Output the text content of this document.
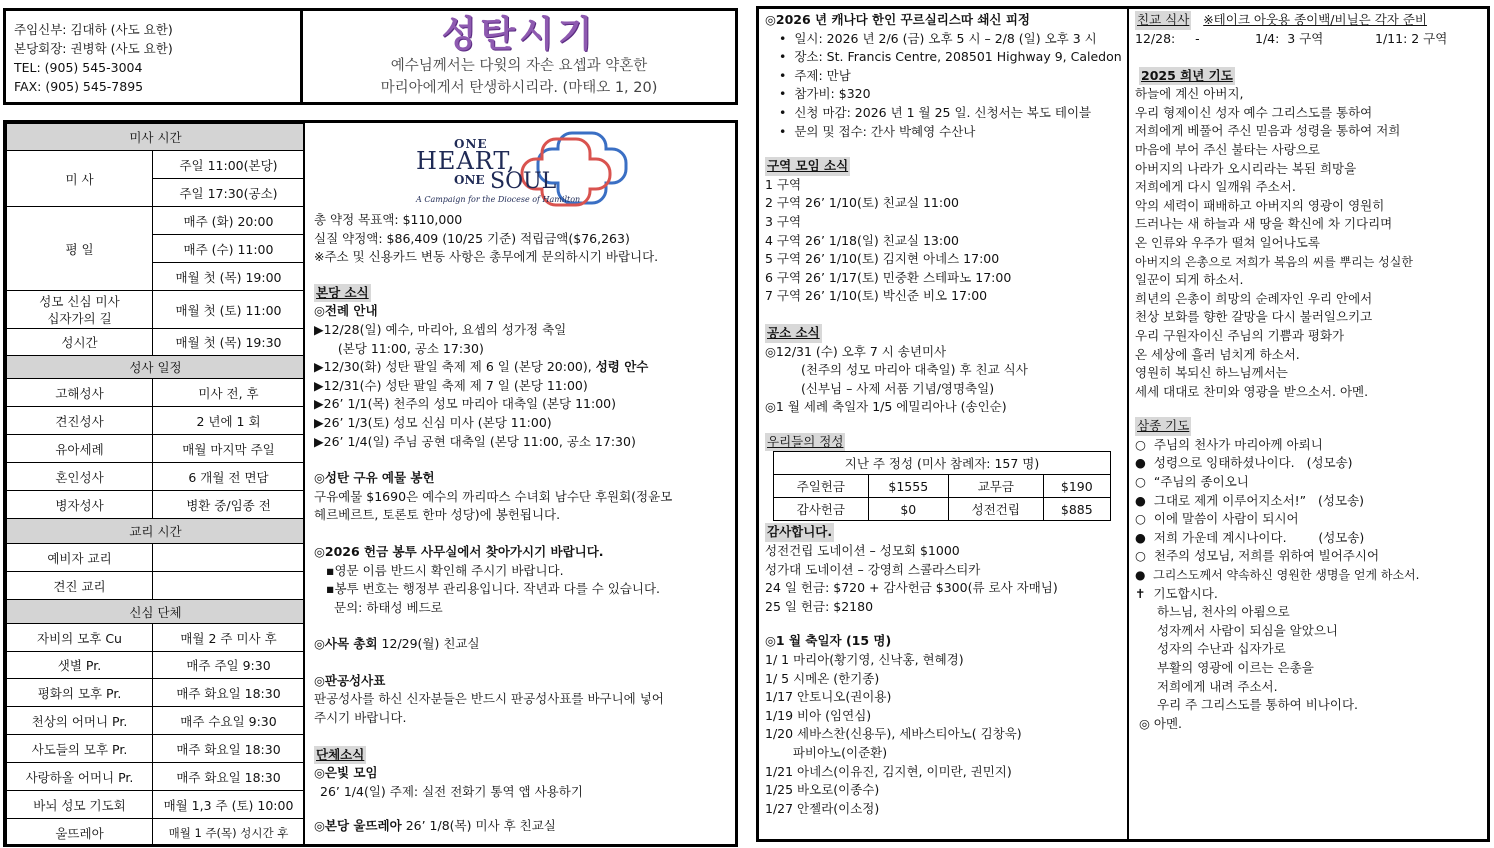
주임신부: 김대하 (사도 요한)
본당회장: 권병학 (사도 요한)
TEL: (905) 545-3004
FAX: (905) 545-7895
성탄시기
예수님께서는 다윗의 자손 요셉과 약혼한
마리아에게서 탄생하시리라. (마태오 1, 20)
미사 시간	
미 사	주일 11:00(본당)
	주일 17:30(공소)
평 일	매주 (화) 20:00
	매주 (수) 11:00
	매월 첫 (목) 19:00
성모 신심 미사
십자가의 길	매월 첫 (토) 11:00
성시간	매월 첫 (목) 19:30
성사 일정	
고해성사	미사 전, 후
견진성사	2 년에 1 회
유아세례	매월 마지막 주일
혼인성사	6 개월 전 면담
병자성사	병환 중/임종 전
교리 시간	
예비자 교리	
견진 교리	
신심 단체	
자비의 모후 Cu	매월 2 주 미사 후
샛별 Pr.	매주 주일 9:30
평화의 모후 Pr.	매주 화요일 18:30
천상의 어머니 Pr.	매주 수요일 9:30
사도들의 모후 Pr.	매주 화요일 18:30
사랑하올 어머니 Pr.	매주 화요일 18:30
바뇌 성모 기도회	매월 1,3 주 (토) 10:00
울뜨레아	매월 1 주(목) 성시간 후
ONE
HEART,
ONE SOUL
A Campaign for the Diocese of Hamilton
총 약정 목표액: $110,000
실질 약정액: $86,409 (10/25 기준) 적립금액($76,263)
※주소 및 신용카드 변동 사항은 총무에게 문의하시기 바랍니다.
본당 소식
◎전례 안내
▶12/28(일) 예수, 마리아, 요셉의 성가정 축일
(본당 11:00, 공소 17:30)
▶12/30(화) 성탄 팔일 축제 제 6 일 (본당 20:00), 성령 안수
▶12/31(수) 성탄 팔일 축제 제 7 일 (본당 11:00)
▶26’ 1/1(목) 천주의 성모 마리아 대축일 (본당 11:00)
▶26’ 1/3(토) 성모 신심 미사 (본당 11:00)
▶26’ 1/4(일) 주님 공현 대축일 (본당 11:00, 공소 17:30)
◎성탄 구유 예물 봉헌
구유예물 $1690은 예수의 까리따스 수녀회 남수단 후원회(정윤모
헤르베르트, 토론토 한마 성당)에 봉헌됩니다.
◎2026 헌금 봉투 사무실에서 찾아가시기 바랍니다.
▪영문 이름 반드시 확인해 주시기 바랍니다.
▪봉투 번호는 행정부 관리용입니다. 작년과 다를 수 있습니다.
문의: 하태성 베드로
◎사목 총회 12/29(월) 친교실
◎판공성사표
판공성사를 하신 신자분들은 반드시 판공성사표를 바구니에 넣어
주시기 바랍니다.
단체소식
◎은빛 모임
26’ 1/4(일) 주제: 실전 전화기 통역 앱 사용하기
◎본당 울뜨레아 26’ 1/8(목) 미사 후 친교실
◎2026 년 캐나다 한인 꾸르실리스따 쇄신 피정
•  일시: 2026 년 2/6 (금) 오후 5 시 – 2/8 (일) 오후 3 시
•  장소: St. Francis Centre, 208501 Highway 9, Caledon
•  주제: 만남
•  참가비: $320
•  신청 마감: 2026 년 1 월 25 일. 신청서는 복도 테이블
•  문의 및 접수: 간사 박혜영 수산나
구역 모임 소식
1 구역
2 구역 26’ 1/10(토) 친교실 11:00
3 구역
4 구역 26’ 1/18(일) 친교실 13:00
5 구역 26’ 1/10(토) 김지현 아네스 17:00
6 구역 26’ 1/17(토) 민중환 스테파노 17:00
7 구역 26’ 1/10(토) 박신준 비오 17:00
공소 소식
◎12/31 (수) 오후 7 시 송년미사
(천주의 성모 마리아 대축일) 후 친교 식사
(신부님 – 사제 서품 기념/영명축일)
◎1 월 세례 축일자 1/5 에밀리아나 (송인순)
우리들의 정성
지난 주 정성 (미사 참례자: 157 명)			
주일헌금	$1555	교무금	$190
감사헌금	$0	성전건립	$885
감사합니다.
성전건립 도네이션 – 성모회 $1000
성가대 도네이션 – 강영희 스콜라스티카
24 일 헌금: $720 + 감사헌금 $300(류 로사 자매님)
25 일 헌금: $2180
◎1 월 축일자 (15 명)
1/ 1 마리아(황기영, 신낙홍, 현혜경)
1/ 5 시메온 (한기종)
1/17 안토니오(권이용)
1/19 비아 (임연심)
1/20 세바스찬(신용두), 세바스티아노( 김창욱)
파비아노(이준환)
1/21 아네스(이유진, 김지현, 이미란, 권민지)
1/25 바오로(이종수)
1/27 안젤라(이소정)
친교 식사 ※테이크 아웃용 종이백/비닐은 각자 준비
12/28:     -	1/4:  3 구역	1/11: 2 구역
2025 희년 기도
하늘에 계신 아버지,
우리 형제이신 성자 예수 그리스도를 통하여
저희에게 베풀어 주신 믿음과 성령을 통하여 저희
마음에 부어 주신 불타는 사랑으로
아버지의 나라가 오시리라는 복된 희망을
저희에게 다시 일깨워 주소서.
악의 세력이 패배하고 아버지의 영광이 영원히
드러나는 새 하늘과 새 땅을 확신에 차 기다리며
온 인류와 우주가 떨쳐 일어나도록
아버지의 은총으로 저희가 복음의 씨를 뿌리는 성실한
일꾼이 되게 하소서.
희년의 은총이 희망의 순례자인 우리 안에서
천상 보화를 향한 갈망을 다시 불러일으키고
우리 구원자이신 주님의 기쁨과 평화가
온 세상에 흘러 넘치게 하소서.
영원히 복되신 하느님께서는
세세 대대로 찬미와 영광을 받으소서. 아멘.
삼종 기도
○ 주님의 천사가 마리아께 아뢰니
● 성령으로 잉태하셨나이다.   (성모송)
○ “주님의 종이오니
● 그대로 제게 이루어지소서!”   (성모송)
○ 이에 말씀이 사람이 되시어
● 저희 가운데 계시나이다.        (성모송)
○ 천주의 성모님, 저희를 위하여 빌어주시어
● 그리스도께서 약속하신 영원한 생명을 얻게 하소서.
✝ 기도합시다.
하느님, 천사의 아룀으로
성자께서 사람이 되심을 알았으니
성자의 수난과 십자가로
부활의 영광에 이르는 은총을
저희에게 내려 주소서.
우리 주 그리스도를 통하여 비나이다.
◎ 아멘.
